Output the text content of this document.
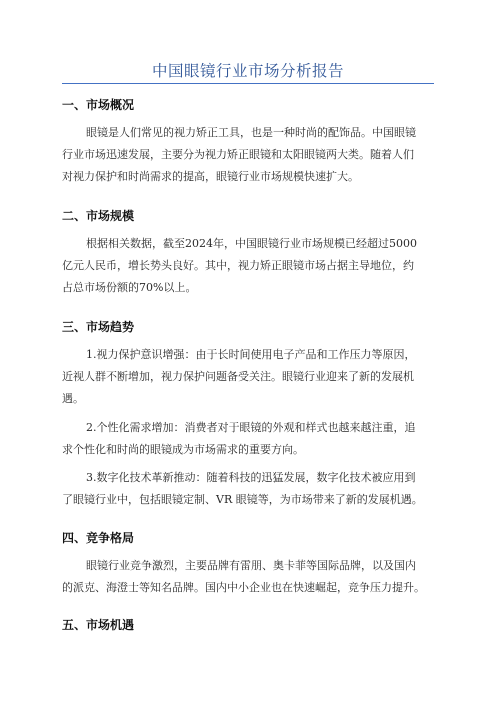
中国眼镜行业市场分析报告
一、市场概况
眼镜是人们常见的视力矫正工具，也是一种时尚的配饰品。中国眼镜
行业市场迅速发展，主要分为视力矫正眼镜和太阳眼镜两大类。随着人们
对视力保护和时尚需求的提高，眼镜行业市场规模快速扩大。
二、市场规模
根据相关数据，截至2024年，中国眼镜行业市场规模已经超过5000
亿元人民币，增长势头良好。其中，视力矫正眼镜市场占据主导地位，约
占总市场份额的70%以上。
三、市场趋势
1.视力保护意识增强：由于长时间使用电子产品和工作压力等原因，
近视人群不断增加，视力保护问题备受关注。眼镜行业迎来了新的发展机
遇。
2.个性化需求增加：消费者对于眼镜的外观和样式也越来越注重，追
求个性化和时尚的眼镜成为市场需求的重要方向。
3.数字化技术革新推动：随着科技的迅猛发展，数字化技术被应用到
了眼镜行业中，包括眼镜定制、VR 眼镜等，为市场带来了新的发展机遇。
四、竞争格局
眼镜行业竞争激烈，主要品牌有雷朋、奥卡菲等国际品牌，以及国内
的派克、海澄士等知名品牌。国内中小企业也在快速崛起，竞争压力提升。
五、市场机遇
